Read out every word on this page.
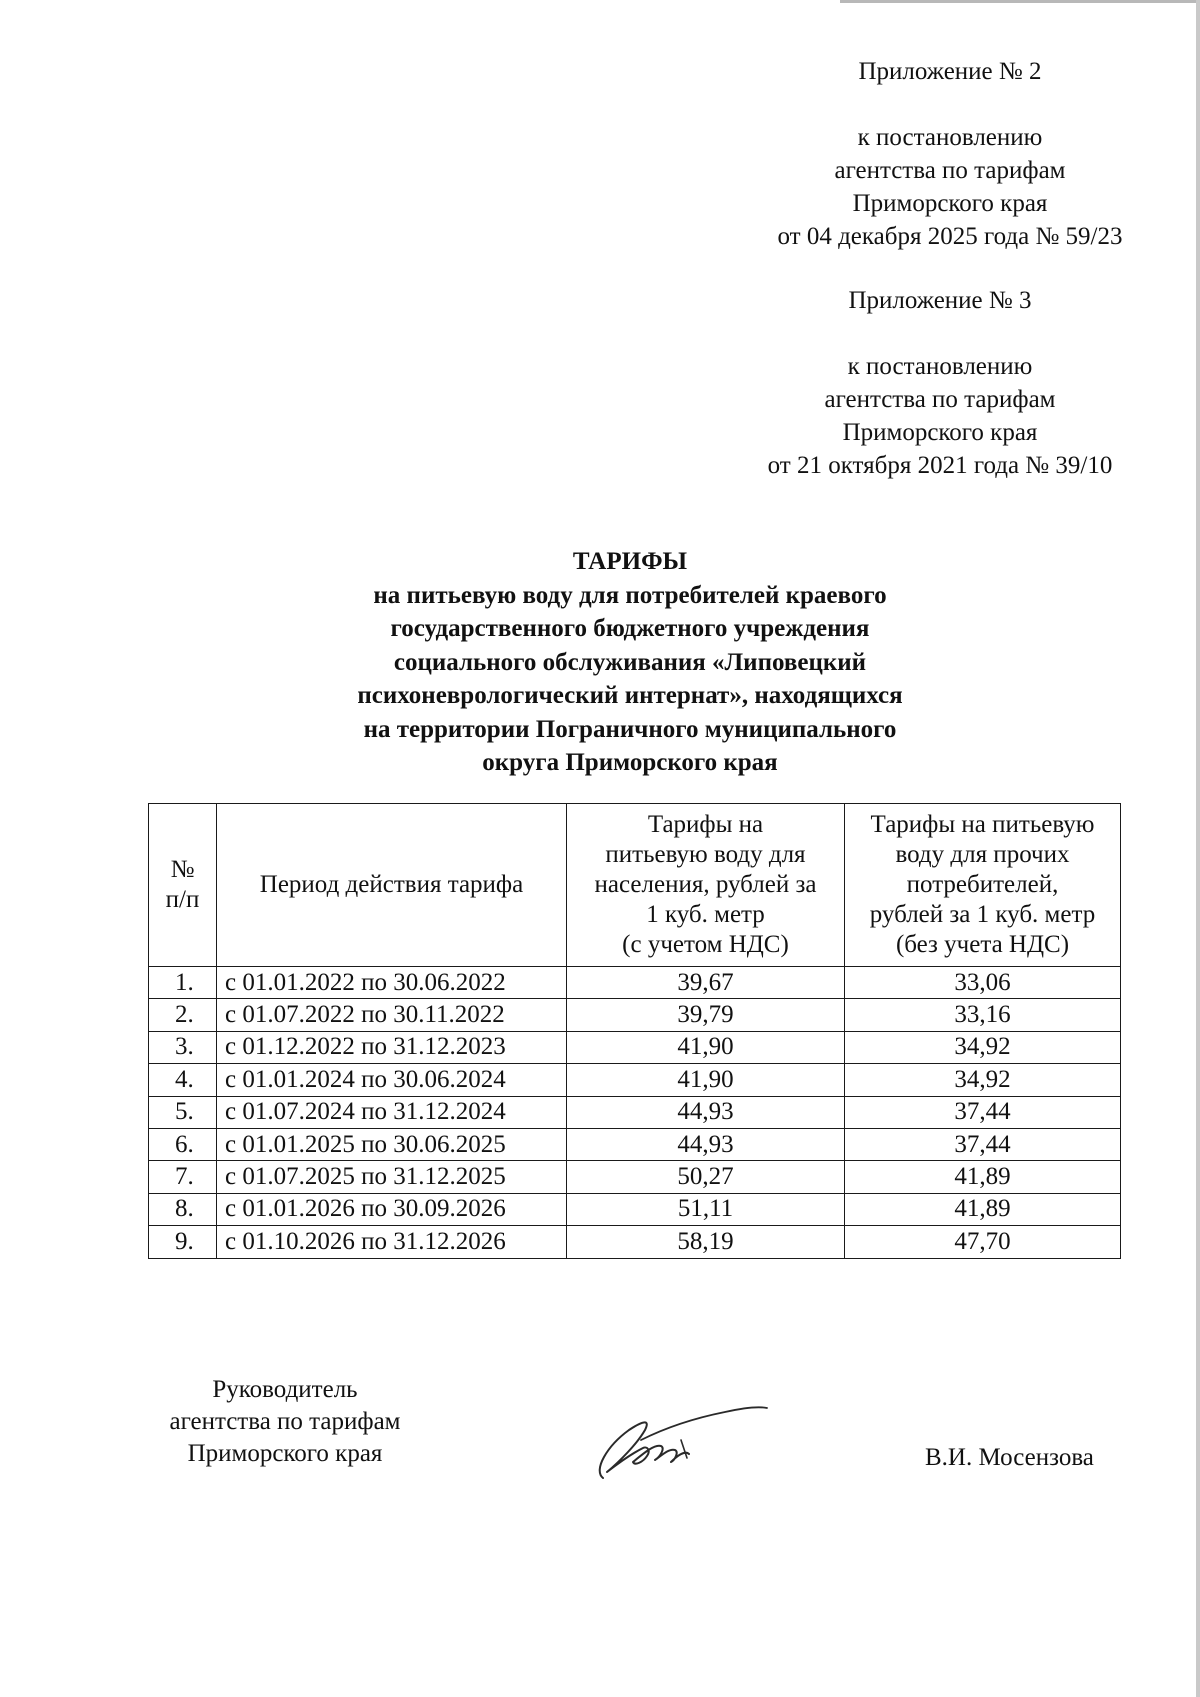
Приложение № 2
к постановлению
агентства по тарифам
Приморского края
от 04 декабря 2025 года № 59/23
Приложение № 3
к постановлению
агентства по тарифам
Приморского края
от 21 октября 2021 года № 39/10
ТАРИФЫ
на питьевую воду для потребителей краевого
государственного бюджетного учреждения
социального обслуживания «Липовецкий
психоневрологический интернат», находящихся
на территории Пограничного муниципального
округа Приморского края
№
п/п	Период действия тарифа	Тарифы на
питьевую воду для
населения, рублей за
1 куб. метр
(с учетом НДС)	Тарифы на питьевую
воду для прочих
потребителей,
рублей за 1 куб. метр
(без учета НДС)

1.	с 01.01.2022 по 30.06.2022	39,67	33,06
2.	с 01.07.2022 по 30.11.2022	39,79	33,16
3.	с 01.12.2022 по 31.12.2023	41,90	34,92
4.	с 01.01.2024 по 30.06.2024	41,90	34,92
5.	с 01.07.2024 по 31.12.2024	44,93	37,44
6.	с 01.01.2025 по 30.06.2025	44,93	37,44
7.	с 01.07.2025 по 31.12.2025	50,27	41,89
8.	с 01.01.2026 по 30.09.2026	51,11	41,89
9.	с 01.10.2026 по 31.12.2026	58,19	47,70
Руководитель
агентства по тарифам
Приморского края	В.И. Мосензова
